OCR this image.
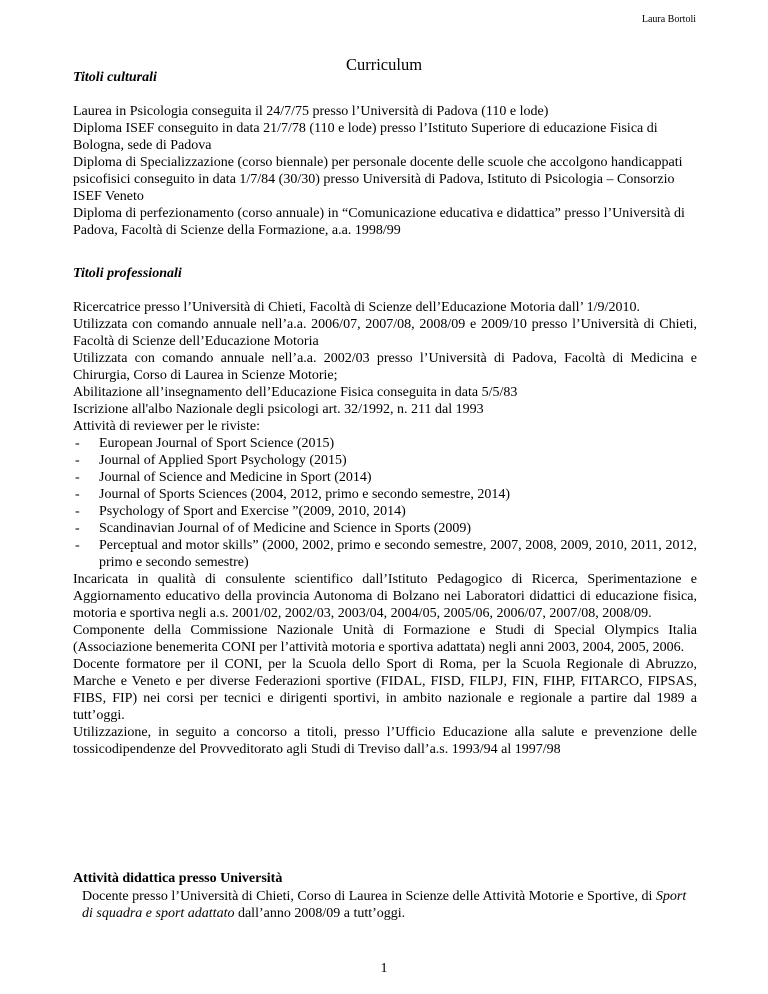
Laura Bortoli
Curriculum
Titoli culturali

Laurea in Psicologia conseguita il 24/7/75 presso l’Università di Padova (110 e lode)

Diploma ISEF conseguito in data 21/7/78 (110 e lode) presso l’Istituto Superiore di educazione Fisica di Bologna, sede di Padova

Diploma di Specializzazione (corso biennale) per personale docente delle scuole che accolgono handicappati psicofisici conseguito in data 1/7/84 (30/30) presso Università di Padova, Istituto di Psicologia – Consorzio ISEF Veneto

Diploma di perfezionamento (corso annuale) in “Comunicazione educativa e didattica” presso l’Università di Padova, Facoltà di Scienze della Formazione, a.a. 1998/99

Titoli professionali

Ricercatrice presso l’Università di Chieti, Facoltà di Scienze dell’Educazione Motoria dall’ 1/9/2010.

Utilizzata con comando annuale nell’a.a. 2006/07, 2007/08, 2008/09 e 2009/10 presso l’Università di Chieti, Facoltà di Scienze dell’Educazione Motoria

Utilizzata con comando annuale nell’a.a. 2002/03 presso l’Università di Padova, Facoltà di Medicina e Chirurgia, Corso di Laurea in Scienze Motorie;

Abilitazione all’insegnamento dell’Educazione Fisica conseguita in data 5/5/83

Iscrizione all'albo Nazionale degli psicologi art. 32/1992, n. 211 dal 1993

Attività di reviewer per le riviste:

- European Journal of Sport Science (2015)
- Journal of Applied Sport Psychology (2015)
- Journal of Science and Medicine in Sport (2014)
- Journal of Sports Sciences (2004, 2012, primo e secondo semestre, 2014)
- Psychology of Sport and Exercise ”(2009, 2010, 2014)
- Scandinavian Journal of of Medicine and Science in Sports (2009)
- Perceptual and motor skills” (2000, 2002, primo e secondo semestre, 2007, 2008, 2009, 2010, 2011, 2012, primo e secondo semestre)

Incaricata in qualità di consulente scientifico dall’Istituto Pedagogico di Ricerca, Sperimentazione e Aggiornamento educativo della provincia Autonoma di Bolzano nei Laboratori didattici di educazione fisica, motoria e sportiva negli a.s. 2001/02, 2002/03, 2003/04, 2004/05, 2005/06, 2006/07, 2007/08, 2008/09.

Componente della Commissione Nazionale Unità di Formazione e Studi di Special Olympics Italia (Associazione benemerita CONI per l’attività motoria e sportiva adattata) negli anni 2003, 2004, 2005, 2006.

Docente formatore per il CONI, per la Scuola dello Sport di Roma, per la Scuola Regionale di Abruzzo, Marche e Veneto e per diverse Federazioni sportive (FIDAL, FISD, FILPJ, FIN, FIHP, FITARCO, FIPSAS, FIBS, FIP) nei corsi per tecnici e dirigenti sportivi, in ambito nazionale e regionale a partire dal 1989 a tutt’oggi.

Utilizzazione, in seguito a concorso a titoli, presso l’Ufficio Educazione alla salute e prevenzione delle tossicodipendenze del Provveditorato agli Studi di Treviso dall’a.s. 1993/94 al 1997/98

Attività didattica presso Università

Docente presso l’Università di Chieti, Corso di Laurea in Scienze delle Attività Motorie e Sportive, di Sport di squadra e sport adattato dall’anno 2008/09 a tutt’oggi.

1
